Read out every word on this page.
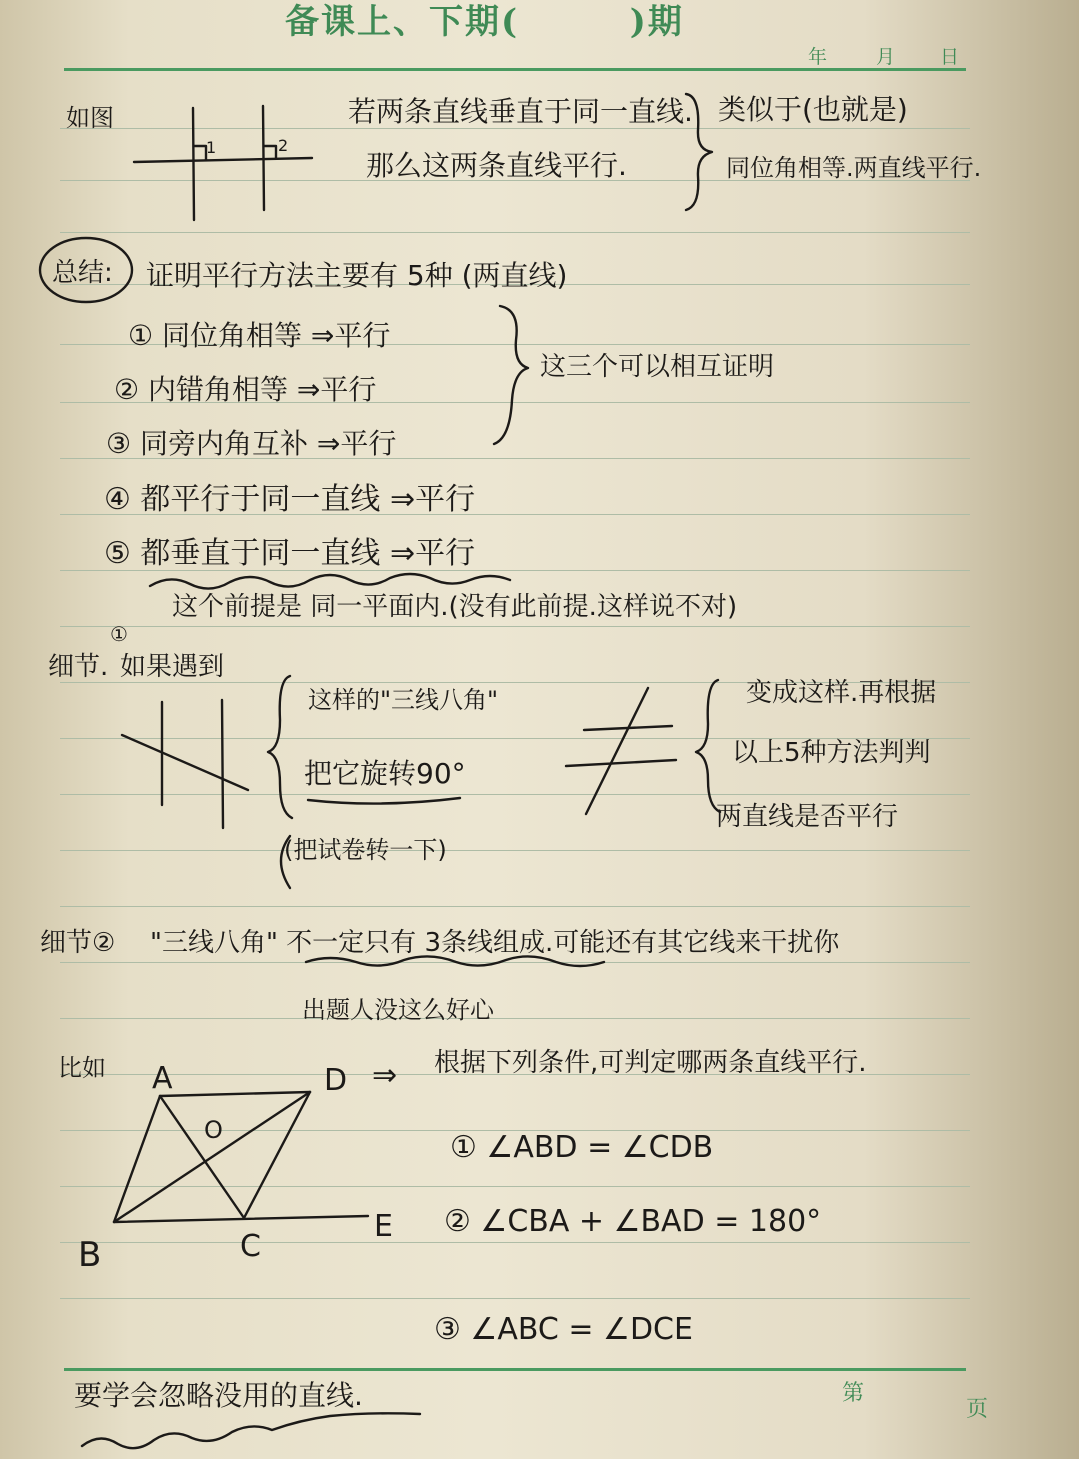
备课上、下期(        )期
年	月 日
1	2
A	D
B	C
E
O
如图	若两条直线垂直于同一直线.
那么这两条直线平行.
类似于(也就是)
同位角相等.两直线平行.
总结: 证明平行方法主要有 5种 (两直线)
① 同位角相等 ⇒平行
② 内错角相等 ⇒平行
③ 同旁内角互补 ⇒平行
④ 都平行于同一直线 ⇒平行
⑤ 都垂直于同一直线 ⇒平行
这三个可以相互证明
这个前提是 同一平面内.(没有此前提.这样说不对)
细节.
①
如果遇到
这样的"三线八角"
把它旋转90°
(把试卷转一下)
变成这样.再根据
以上5种方法判判
两直线是否平行
细节② "三线八角" 不一定只有 3条线组成.可能还有其它线来干扰你
出题人没这么好心
比如	⇒ 根据下列条件,可判定哪两条直线平行.
① ∠ABD = ∠CDB
② ∠CBA + ∠BAD = 180°
③ ∠ABC = ∠DCE
要学会忽略没用的直线.	第
页
